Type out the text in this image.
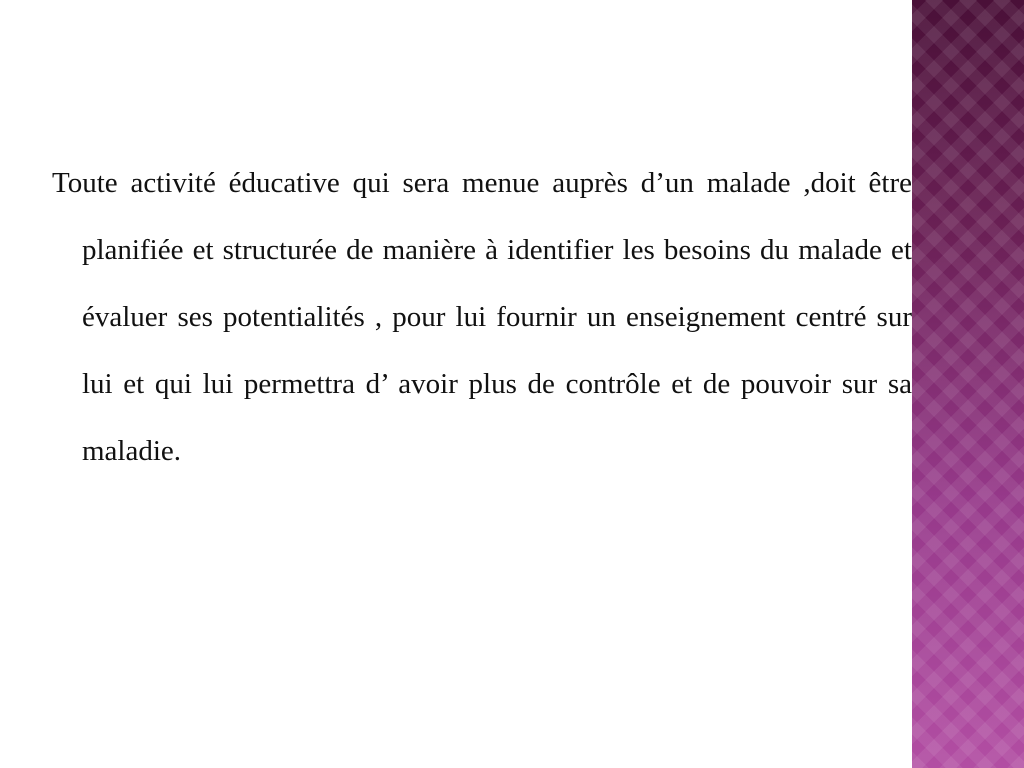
Toute activité éducative qui sera menue auprès d’un malade ,doit être planifiée et structurée de manière à identifier les besoins du malade et évaluer ses potentialités , pour lui fournir un enseignement centré sur lui et qui lui permettra d’ avoir plus de contrôle et de pouvoir sur sa maladie.
